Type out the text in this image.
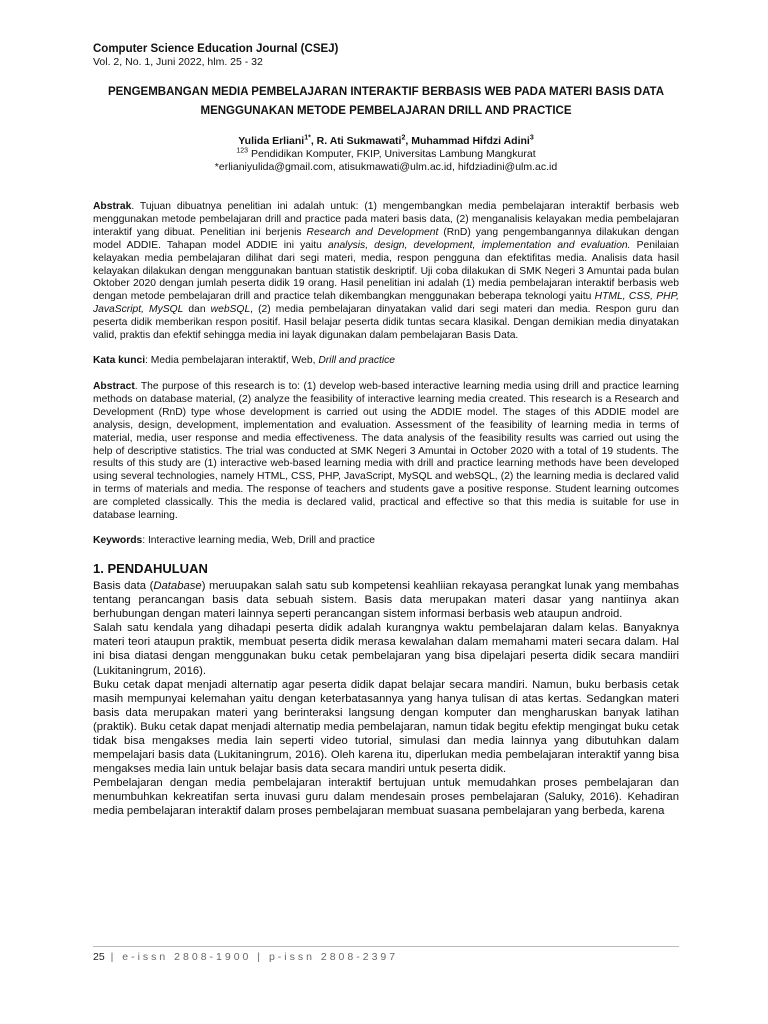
Computer Science Education Journal (CSEJ)

Vol. 2, No. 1, Juni 2022, hlm. 25 - 32

PENGEMBANGAN MEDIA PEMBELAJARAN INTERAKTIF BERBASIS WEB PADA MATERI BASIS DATA MENGGUNAKAN METODE PEMBELAJARAN DRILL AND PRACTICE

Yulida Erliani$^{1*}$, R. Ati Sukmawati$^2$, Muhammad Hifdzi Adini$^3$

$^{123}$ Pendidikan Komputer, FKIP, Universitas Lambung Mangkurat

*erlianiyulida@gmail.com, atisukmawati@ulm.ac.id, hifdziadini@ulm.ac.id

Abstrak. Tujuan dibuatnya penelitian ini adalah untuk: (1) mengembangkan media pembelajaran interaktif berbasis web menggunakan metode pembelajaran drill and practice pada materi basis data, (2) menganalisis kelayakan media pembelajaran interaktif yang dibuat. Penelitian ini berjenis Research and Development (RnD) yang pengembangannya dilakukan dengan model ADDIE. Tahapan model ADDIE ini yaitu analysis, design, development, implementation and evaluation. Penilaian kelayakan media pembelajaran dilihat dari segi materi, media, respon pengguna dan efektifitas media. Analisis data hasil kelayakan dilakukan dengan menggunakan bantuan statistik deskriptif. Uji coba dilakukan di SMK Negeri 3 Amuntai pada bulan Oktober 2020 dengan jumlah peserta didik 19 orang. Hasil penelitian ini adalah (1) media pembelajaran interaktif berbasis web dengan metode pembelajaran drill and practice telah dikembangkan menggunakan beberapa teknologi yaitu HTML, CSS, PHP, JavaScript, MySQL dan webSQL, (2) media pembelajaran dinyatakan valid dari segi materi dan media. Respon guru dan peserta didik memberikan respon positif. Hasil belajar peserta didik tuntas secara klasikal. Dengan demikian media dinyatakan valid, praktis dan efektif sehingga media ini layak digunakan dalam pembelajaran Basis Data.

Kata kunci: Media pembelajaran interaktif, Web, Drill and practice

Abstract. The purpose of this research is to: (1) develop web-based interactive learning media using drill and practice learning methods on database material, (2) analyze the feasibility of interactive learning media created. This research is a Research and Development (RnD) type whose development is carried out using the ADDIE model. The stages of this ADDIE model are analysis, design, development, implementation and evaluation. Assessment of the feasibility of learning media in terms of material, media, user response and media effectiveness. The data analysis of the feasibility results was carried out using the help of descriptive statistics. The trial was conducted at SMK Negeri 3 Amuntai in October 2020 with a total of 19 students. The results of this study are (1) interactive web-based learning media with drill and practice learning methods have been developed using several technologies, namely HTML, CSS, PHP, JavaScript, MySQL and webSQL, (2) the learning media is declared valid in terms of materials and media. The response of teachers and students gave a positive response. Student learning outcomes are completed classically. This the media is declared valid, practical and effective so that this media is suitable for use in database learning.

Keywords: Interactive learning media, Web, Drill and practice

1. PENDAHULUAN

Basis data (Database) meruupakan salah satu sub kompetensi keahliian rekayasa perangkat lunak yang membahas tentang perancangan basis data sebuah sistem. Basis data merupakan materi dasar yang nantiinya akan berhubungan dengan materi lainnya seperti perancangan sistem informasi berbasis web ataupun android.

Salah satu kendala yang dihadapi peserta didik adalah kurangnya waktu pembelajaran dalam kelas. Banyaknya materi teori ataupun praktik, membuat peserta didik merasa kewalahan dalam memahami materi secara dalam. Hal ini bisa diatasi dengan menggunakan buku cetak pembelajaran yang bisa dipelajari peserta didik secara mandiiri (Lukitaningrum, 2016).

Buku cetak dapat menjadi alternatip agar peserta didik dapat belajar secara mandiri. Namun, buku berbasis cetak masih mempunyai kelemahan yaitu dengan keterbatasannya yang hanya tulisan di atas kertas. Sedangkan materi basis data merupakan materi yang berinteraksi langsung dengan komputer dan mengharuskan banyak latihan (praktik). Buku cetak dapat menjadi alternatip media pembelajaran, namun tidak begitu efektip mengingat buku cetak tidak bisa mengakses media lain seperti video tutorial, simulasi dan media lainnya yang dibutuhkan dalam mempelajari basis data (Lukitaningrum, 2016). Oleh karena itu, diperlukan media pembelajaran interaktif yanng bisa mengakses media lain untuk belajar basis data secara mandiri untuk peserta didik.

Pembelajaran dengan media pembelajaran interaktif bertujuan untuk memudahkan proses pembelajaran dan menumbuhkan kekreatifan serta inuvasi guru dalam mendesain proses pembelajaran (Saluky, 2016). Kehadiran media pembelajaran interaktif dalam proses pembelajaran membuat suasana pembelajaran yang berbeda, karena

25 | e-issn 2808-1900 | p-issn 2808-2397
